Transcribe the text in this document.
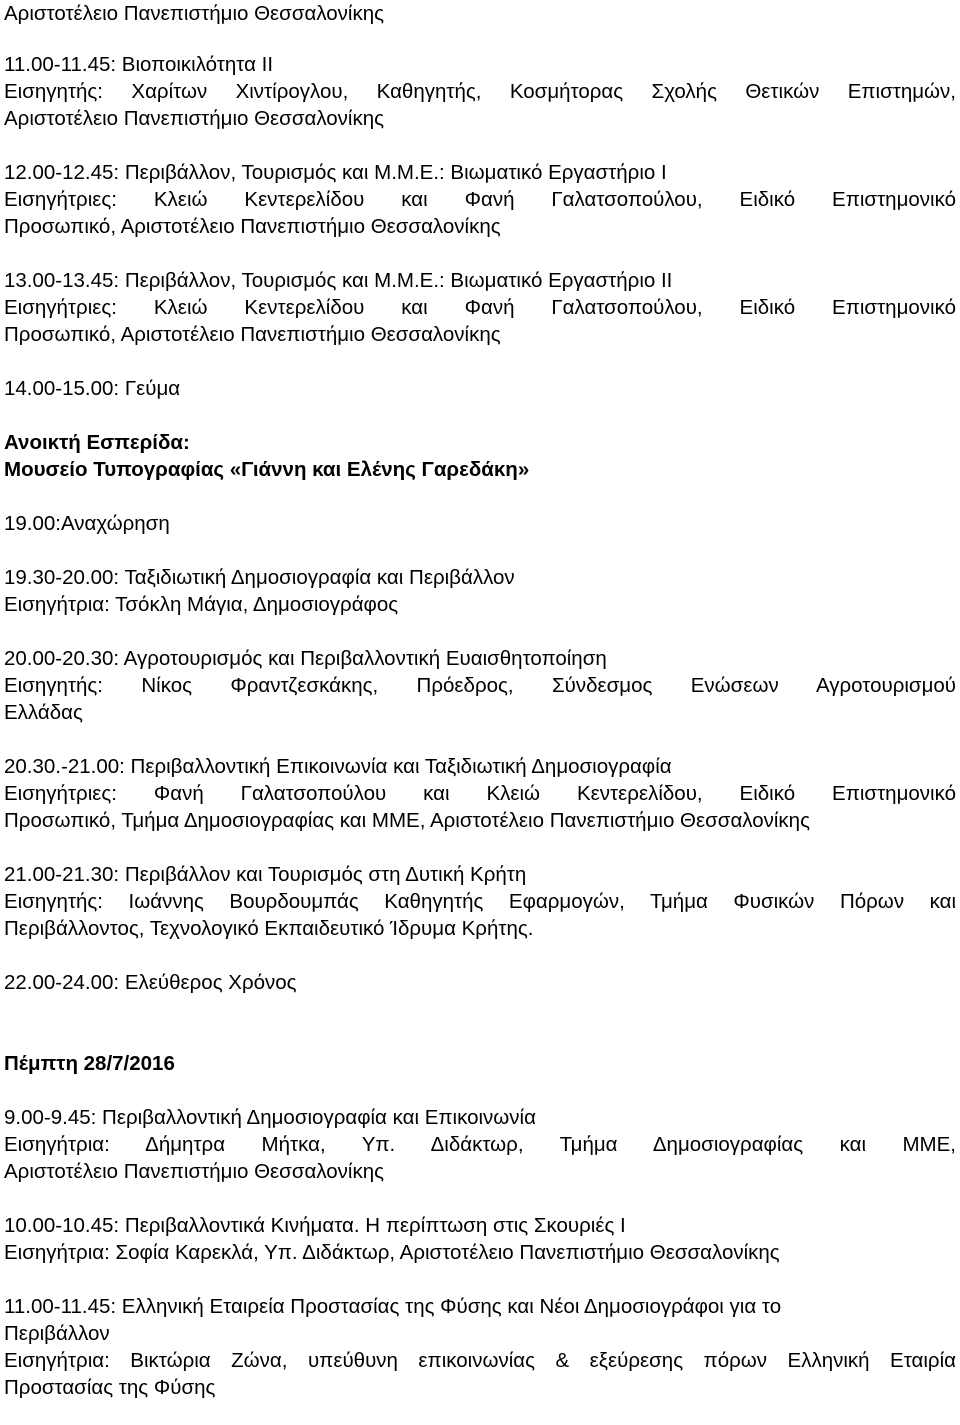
Αριστοτέλειο Πανεπιστήμιο Θεσσαλονίκης
11.00-11.45: Βιοποικιλότητα ΙΙ
Εισηγητής: Χαρίτων Χιντίρογλου, Καθηγητής, Κοσμήτορας Σχολής Θετικών Επιστημών,
Αριστοτέλειο Πανεπιστήμιο Θεσσαλονίκης
12.00-12.45: Περιβάλλον, Τουρισμός και Μ.Μ.Ε.: Βιωματικό Εργαστήριο Ι
Εισηγήτριες: Κλειώ Κεντερελίδου και Φανή Γαλατσοπούλου, Ειδικό Επιστημονικό
Προσωπικό, Αριστοτέλειο Πανεπιστήμιο Θεσσαλονίκης
13.00-13.45: Περιβάλλον, Τουρισμός και Μ.Μ.Ε.: Βιωματικό Εργαστήριο ΙΙ
Εισηγήτριες: Κλειώ Κεντερελίδου και Φανή Γαλατσοπούλου, Ειδικό Επιστημονικό
Προσωπικό, Αριστοτέλειο Πανεπιστήμιο Θεσσαλονίκης
14.00-15.00: Γεύμα
Ανοικτή Εσπερίδα:
Μουσείο Τυπογραφίας «Γιάννη και Ελένης Γαρεδάκη»
19.00:Αναχώρηση
19.30-20.00: Ταξιδιωτική Δημοσιογραφία και Περιβάλλον
Εισηγήτρια: Τσόκλη Μάγια, Δημοσιογράφος
20.00-20.30: Αγροτουρισμός και Περιβαλλοντική Ευαισθητοποίηση
Εισηγητής: Νίκος Φραντζεσκάκης, Πρόεδρος, Σύνδεσμος Ενώσεων Αγροτουρισμού
Ελλάδας
20.30.-21.00: Περιβαλλοντική Επικοινωνία και Ταξιδιωτική Δημοσιογραφία
Εισηγήτριες: Φανή Γαλατσοπούλου και Κλειώ Κεντερελίδου, Ειδικό Επιστημονικό
Προσωπικό, Τμήμα Δημοσιογραφίας και ΜΜΕ, Αριστοτέλειο Πανεπιστήμιο Θεσσαλονίκης
21.00-21.30: Περιβάλλον και Τουρισμός στη Δυτική Κρήτη
Εισηγητής: Ιωάννης Βουρδουμπάς Καθηγητής Εφαρμογών, Τμήμα Φυσικών Πόρων και
Περιβάλλοντος, Τεχνολογικό Εκπαιδευτικό Ίδρυμα Κρήτης.
22.00-24.00: Ελεύθερος Χρόνος
Πέμπτη 28/7/2016
9.00-9.45: Περιβαλλοντική Δημοσιογραφία και Επικοινωνία
Εισηγήτρια: Δήμητρα Μήτκα, Υπ. Διδάκτωρ, Τμήμα Δημοσιογραφίας και ΜΜΕ,
Αριστοτέλειο Πανεπιστήμιο Θεσσαλονίκης
10.00-10.45: Περιβαλλοντικά Κινήματα. Η περίπτωση στις Σκουριές Ι
Εισηγήτρια: Σοφία Καρεκλά, Υπ. Διδάκτωρ, Αριστοτέλειο Πανεπιστήμιο Θεσσαλονίκης
11.00-11.45: Ελληνική Εταιρεία Προστασίας της Φύσης και Νέοι Δημοσιογράφοι για το
Περιβάλλον
Εισηγήτρια: Βικτώρια Ζώνα, υπεύθυνη επικοινωνίας & εξεύρεσης πόρων Ελληνική Εταιρία
Προστασίας της Φύσης
